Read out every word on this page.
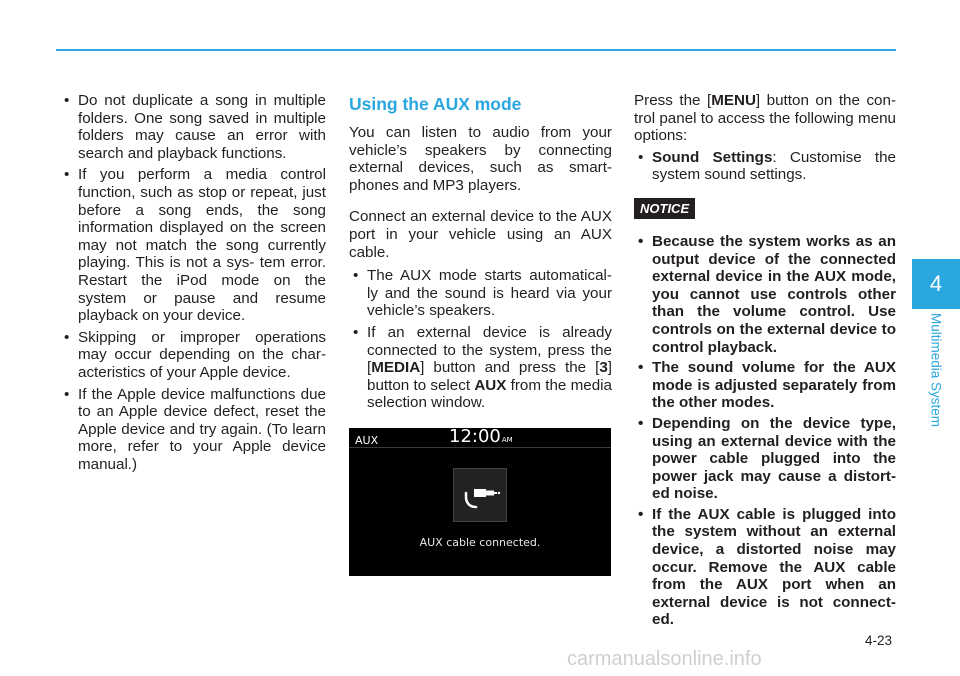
• Do not duplicate a song in multiple folders. One song saved in multiple folders may cause an error with search and playback functions.
• If you perform a media control function, such as stop or repeat, just before a song ends, the song information displayed on the screen may not match the song currently playing. This is not a sys- tem error. Restart the iPod mode on the system or pause and resume playback on your device.
• Skipping or improper operations may occur depending on the char- acteristics of your Apple device.
• If the Apple device malfunctions due to an Apple device defect, reset the Apple device and try again. (To learn more, refer to your Apple device manual.)
Using the AUX mode

You can listen to audio from your vehicle’s speakers by connecting external devices, such as smart- phones and MP3 players.

Connect an external device to the AUX port in your vehicle using an AUX cable.

• The AUX mode starts automatical- ly and the sound is heard via your vehicle’s speakers.
• If an external device is already connected to the system, press the [MEDIA] button and press the [3] button to select AUX from the media selection window.
AUX	12:00AM
AUX cable connected.

Press the [MENU] button on the con- trol panel to access the following menu options:

• Sound Settings: Customise the system sound settings.
NOTICE
• Because the system works as an output device of the connected external device in the AUX mode, you cannot use controls other than the volume control. Use controls on the external device to control playback.
• The sound volume for the AUX mode is adjusted separately from the other modes.
• Depending on the device type, using an external device with the power cable plugged into the power jack may cause a distort- ed noise.
• If the AUX cable is plugged into the system without an external device, a distorted noise may occur. Remove the AUX cable from the AUX port when an external device is not connect- ed.
4
Multimedia System
4-23
carmanualsonline.info
